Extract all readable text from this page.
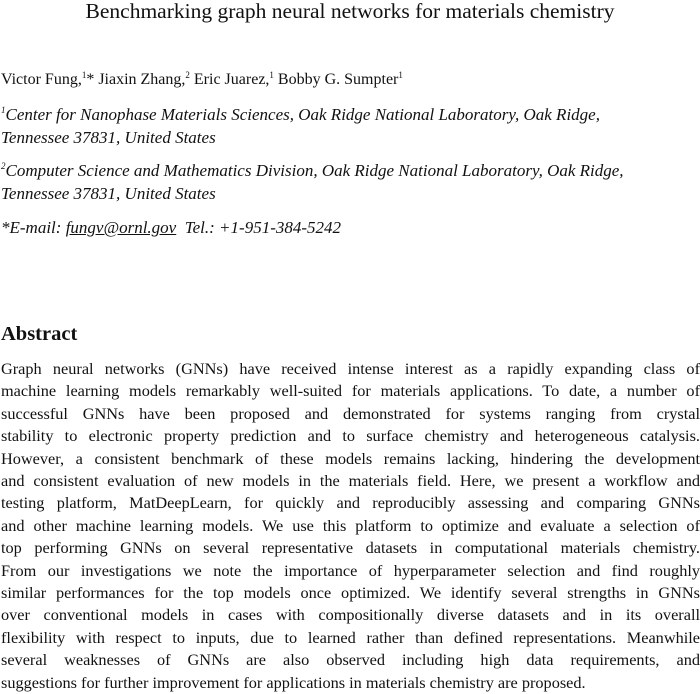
Benchmarking graph neural networks for materials chemistry
Victor Fung,$^1$* Jiaxin Zhang,$^2$ Eric Juarez,$^1$ Bobby G. Sumpter$^1$
$^1$Center for Nanophase Materials Sciences, Oak Ridge National Laboratory, Oak Ridge,
Tennessee 37831, United States
$^2$Computer Science and Mathematics Division, Oak Ridge National Laboratory, Oak Ridge,
Tennessee 37831, United States
*E-mail: fungv@ornl.gov  Tel.: +1-951-384-5242
Abstract
Graph neural networks (GNNs) have received intense interest as a rapidly expanding class of
machine learning models remarkably well-suited for materials applications. To date, a number of
successful GNNs have been proposed and demonstrated for systems ranging from crystal
stability to electronic property prediction and to surface chemistry and heterogeneous catalysis.
However, a consistent benchmark of these models remains lacking, hindering the development
and consistent evaluation of new models in the materials field. Here, we present a workflow and
testing platform, MatDeepLearn, for quickly and reproducibly assessing and comparing GNNs
and other machine learning models. We use this platform to optimize and evaluate a selection of
top performing GNNs on several representative datasets in computational materials chemistry.
From our investigations we note the importance of hyperparameter selection and find roughly
similar performances for the top models once optimized. We identify several strengths in GNNs
over conventional models in cases with compositionally diverse datasets and in its overall
flexibility with respect to inputs, due to learned rather than defined representations. Meanwhile
several weaknesses of GNNs are also observed including high data requirements, and
suggestions for further improvement for applications in materials chemistry are proposed.
